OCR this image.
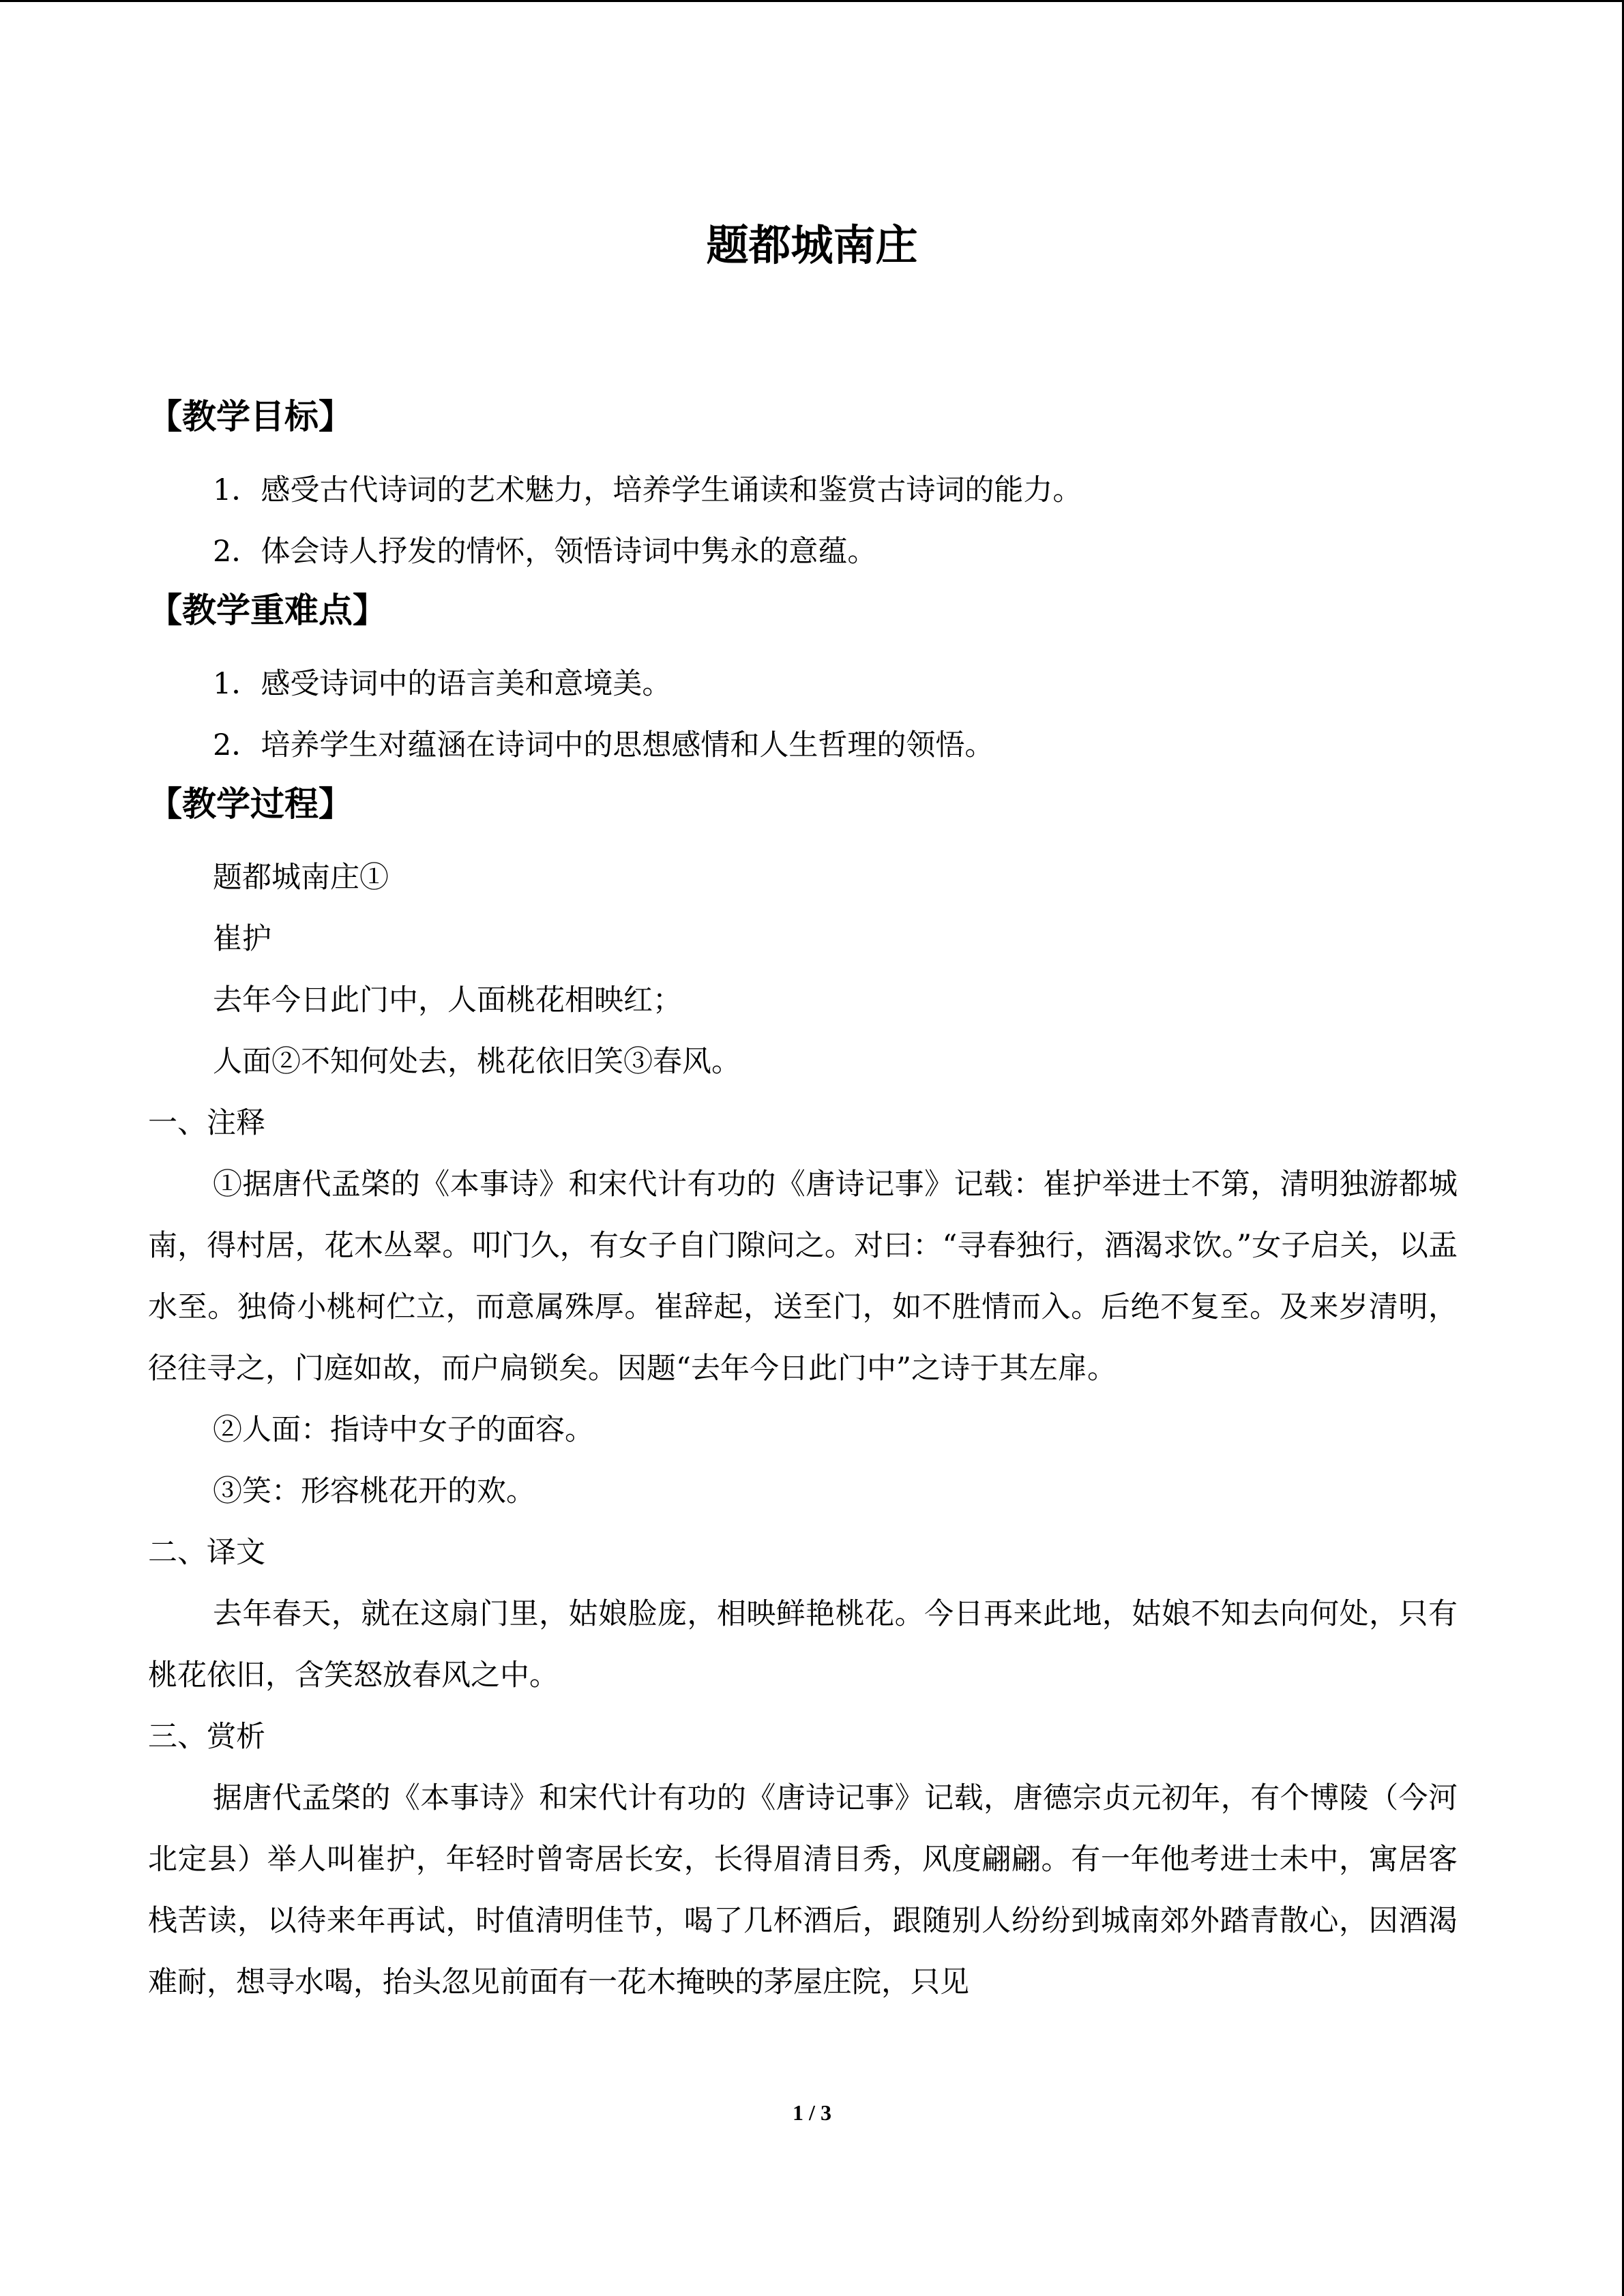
题都城南庄
【教学目标】

1．感受古代诗词的艺术魅力，培养学生诵读和鉴赏古诗词的能力。

2．体会诗人抒发的情怀，领悟诗词中隽永的意蕴。

【教学重难点】

1．感受诗词中的语言美和意境美。

2．培养学生对蕴涵在诗词中的思想感情和人生哲理的领悟。

【教学过程】

题都城南庄①

崔护

去年今日此门中，人面桃花相映红；

人面②不知何处去，桃花依旧笑③春风。

一、注释

①据唐代孟棨的《本事诗》和宋代计有功的《唐诗记事》记载：崔护举进士不第，清明独游都城南，得村居，花木丛翠。叩门久，有女子自门隙问之。对曰：“寻春独行，酒渴求饮。”女子启关，以盂水至。独倚小桃柯伫立，而意属殊厚。崔辞起，送至门，如不胜情而入。后绝不复至。及来岁清明，径往寻之，门庭如故，而户扃锁矣。因题“去年今日此门中”之诗于其左扉。

②人面：指诗中女子的面容。

③笑：形容桃花开的欢。

二、译文

去年春天，就在这扇门里，姑娘脸庞，相映鲜艳桃花。今日再来此地，姑娘不知去向何处，只有桃花依旧，含笑怒放春风之中。

三、赏析

据唐代孟棨的《本事诗》和宋代计有功的《唐诗记事》记载，唐德宗贞元初年，有个博陵（今河北定县）举人叫崔护，年轻时曾寄居长安，长得眉清目秀，风度翩翩。有一年他考进士未中，寓居客栈苦读，以待来年再试，时值清明佳节，喝了几杯酒后，跟随别人纷纷到城南郊外踏青散心，因酒渴难耐，想寻水喝，抬头忽见前面有一花木掩映的茅屋庄院，只见

1 / 3
